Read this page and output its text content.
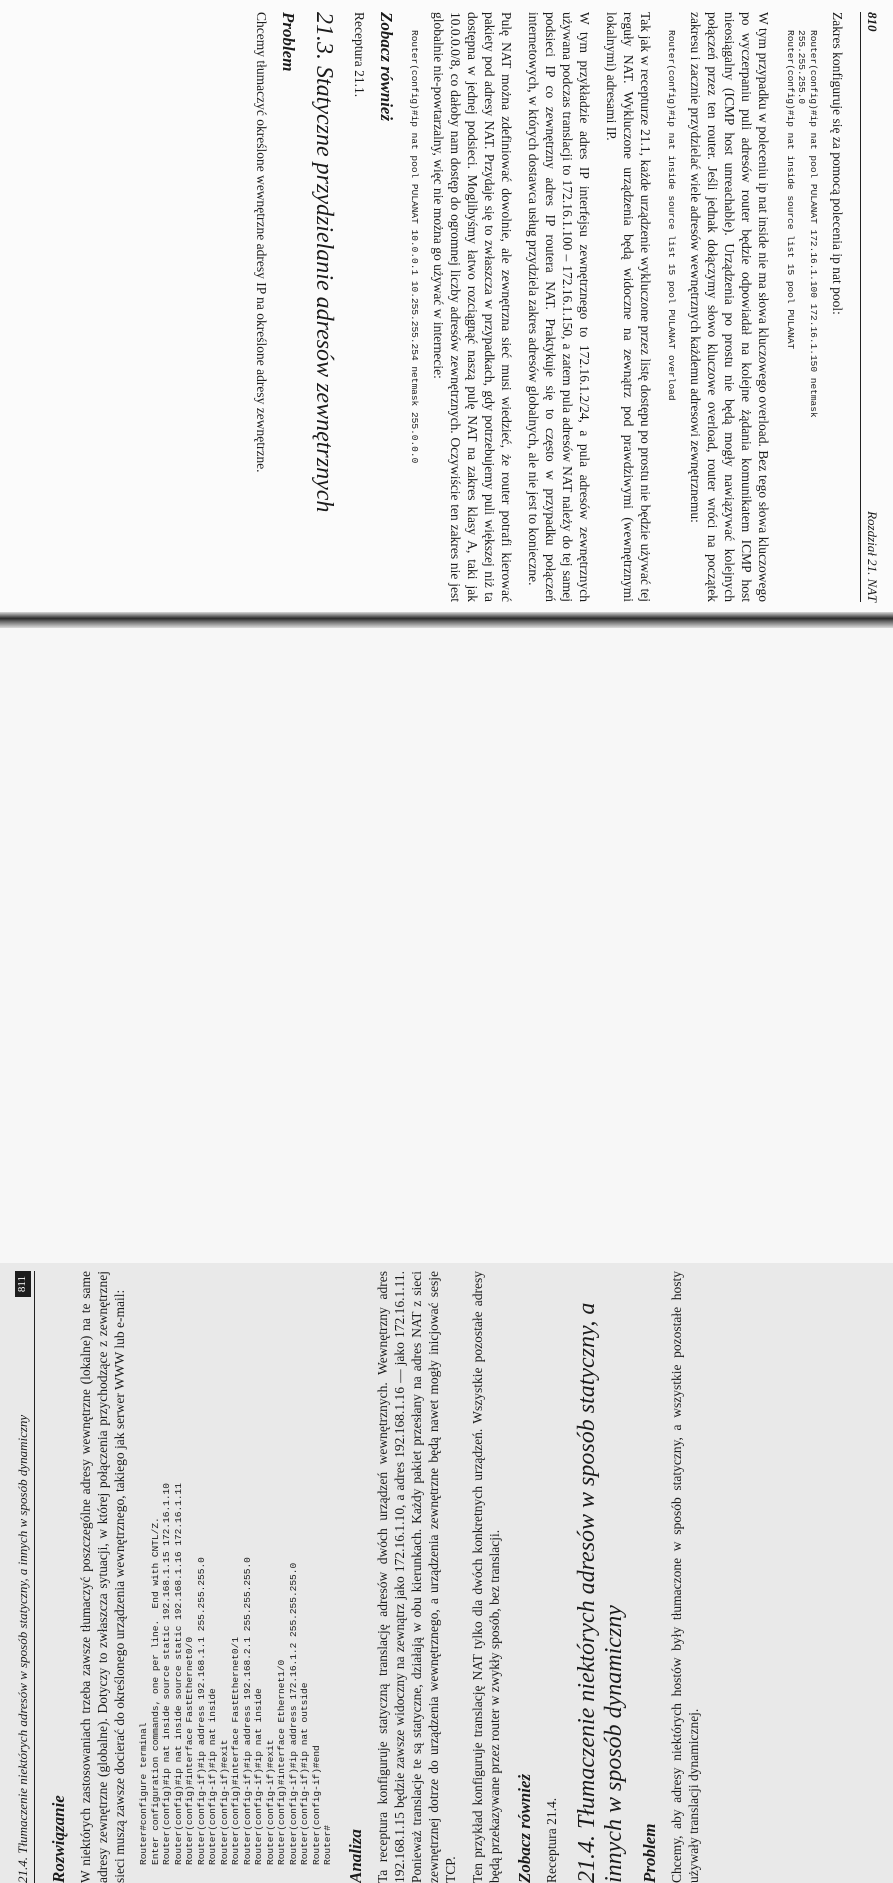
810
Rozdział 21. NAT

Zakres konfiguruje się za pomocą polecenia ip nat pool:

Router(config)#ip nat pool PULANAT 172.16.1.100 172.16.1.150 netmask
255.255.255.0
Router(config)#ip nat inside source list 15 pool PULANAT

W tym przypadku w poleceniu ip nat inside nie ma słowa kluczowego overload. Bez tego słowa kluczowego po wyczerpaniu puli adresów router będzie odpowiadał na kolejne żądania komunikatem ICMP host nieosiągalny (ICMP host unreachable). Urządzenia po prostu nie będą mogły nawiązywać kolejnych połączeń przez ten router. Jeśli jednak dołączymy słowo kluczowe overload, router wróci na początek zakresu i zacznie przydzielać wiele adresów wewnętrznych każdemu adresowi zewnętrznemu:

Router(config)#ip nat inside source list 15 pool PULANAT overload

Tak jak w recepturze 21.1, każde urządzenie wykluczone przez listę dostępu po prostu nie będzie używać tej reguły NAT. Wykluczone urządzenia będą widoczne na zewnątrz pod prawdziwymi (wewnętrznymi lokalnymi) adresami IP.

W tym przykładzie adres IP interfejsu zewnętrznego to 172.16.1.2/24, a pula adresów zewnętrznych używana podczas translacji to 172.16.1.100 – 172.16.1.150, a zatem pula adresów NAT należy do tej samej podsieci IP co zewnętrzny adres IP routera NAT. Praktykuje się to często w przypadku połączeń internetowych, w których dostawca usług przydziela zakres adresów globalnych, ale nie jest to konieczne.

Pulę NAT można zdefiniować dowolnie, ale zewnętrzna sieć musi wiedzieć, że router potrafi kierować pakiety pod adresy NAT. Przydaje się to zwłaszcza w przypadkach, gdy potrzebujemy puli większej niż ta dostępna w jednej podsieci. Moglibyśmy łatwo rozciągnąć naszą pulę NAT na zakres klasy A, taki jak 10.0.0.0/8, co dałoby nam dostęp do ogromnej liczby adresów zewnętrznych. Oczywiście ten zakres nie jest globalnie nie-powtarzalny, więc nie można go używać w internecie:

Router(config)#ip nat pool PULANAT 10.0.0.1 10.255.255.254 netmask 255.0.0.0
Zobacz również

Receptura 21.1.

21.3. Statyczne przydzielanie adresów zewnętrznych
Problem

Chcemy tłumaczyć określone wewnętrzne adresy IP na określone adresy zewnętrzne.

21.4. Tłumaczenie niektórych adresów w sposób statyczny, a innych w sposób dynamiczny
811
Rozwiązanie W niektórych zastosowaniach trzeba zawsze tłumaczyć poszczególne adresy wewnętrzne (lokalne) na te same adresy zewnętrzne (globalne). Dotyczy to zwłaszcza sytuacji, w której połączenia przychodzące z zewnętrznej sieci muszą zawsze docierać do określonego urządzenia wewnętrznego, takiego jak serwer WWW lub e-mail: Router#configure terminal
Enter configuration commands, one per line.  End with CNTL/Z.
Router(config)#ip nat inside source static 192.168.1.15 172.16.1.10
Router(config)#ip nat inside source static 192.168.1.16 172.16.1.11
Router(config)#interface FastEthernet0/0
Router(config-if)#ip address 192.168.1.1 255.255.255.0
Router(config-if)#ip nat inside
Router(config-if)#exit
Router(config)#interface FastEthernet0/1
Router(config-if)#ip address 192.168.2.1 255.255.255.0
Router(config-if)#ip nat inside
Router(config-if)#exit
Router(config)#interface Ethernet1/0
Router(config-if)#ip address 172.16.1.2 255.255.255.0
Router(config-if)#ip nat outside
Router(config-if)#end
Router# Analiza Ta receptura konfiguruje statyczną translację adresów dwóch urządzeń wewnętrznych. Wewnętrzny adres 192.168.1.15 będzie zawsze widoczny na zewnątrz jako 172.16.1.10, a adres 192.168.1.16 — jako 172.16.1.11. Ponieważ translacje te są statyczne, działają w obu kierunkach. Każdy pakiet przesłany na adres NAT z sieci zewnętrznej dotrze do urządzenia wewnętrznego, a urządzenia zewnętrzne będą nawet mogły inicjować sesje TCP. Ten przykład konfiguruje translację NAT tylko dla dwóch konkretnych urządzeń. Wszystkie pozostałe adresy będą przekazywane przez router w zwykły sposób, bez translacji. Zobacz również Receptura 21.4. 21.4. Tłumaczenie niektórych adresów w sposób statyczny, a innych w sposób dynamiczny Problem Chcemy, aby adresy niektórych hostów były tłumaczone w sposób statyczny, a wszystkie pozostałe hosty używały translacji dynamicznej.
